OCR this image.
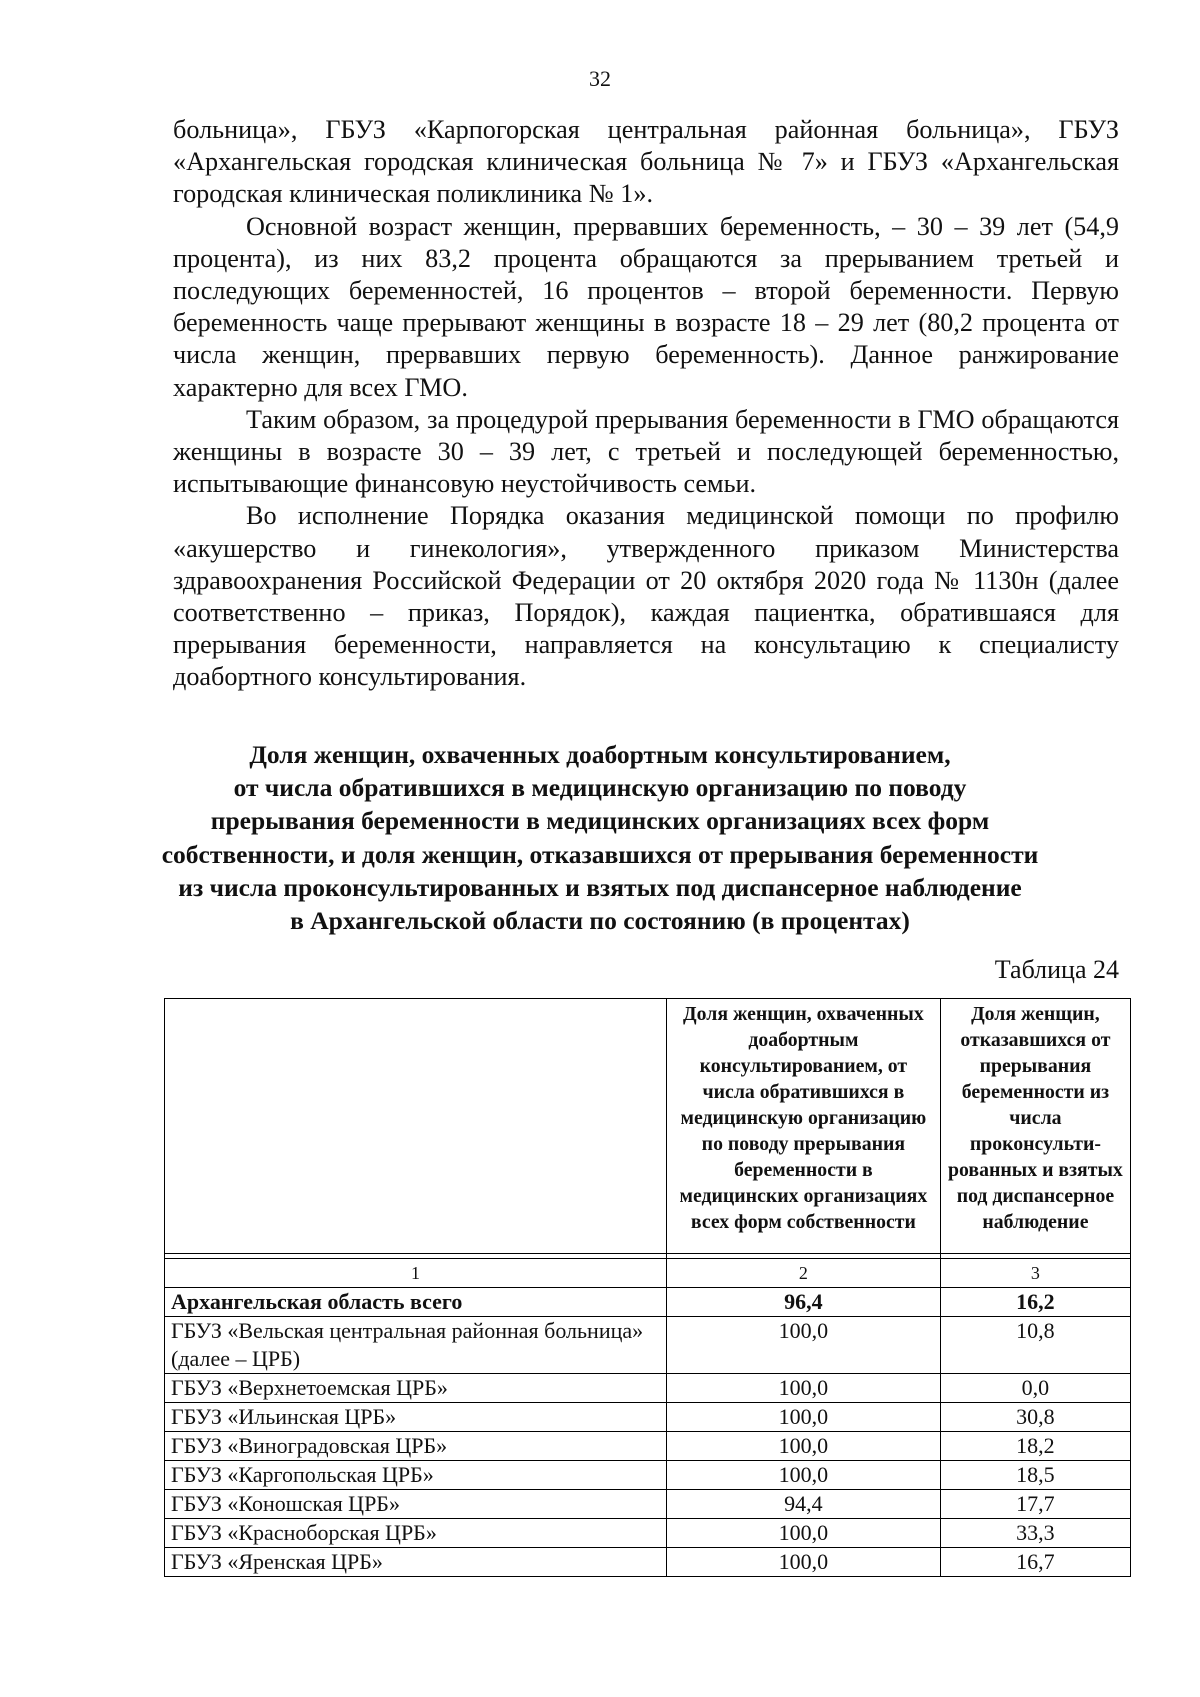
32

больница», ГБУЗ «Карпогорская центральная районная больница», ГБУЗ «Архангельская городская клиническая больница № 7» и ГБУЗ «Архангельская городская клиническая поликлиника № 1».

Основной возраст женщин, прервавших беременность, – 30 – 39 лет (54,9 процента), из них 83,2 процента обращаются за прерыванием третьей и последующих беременностей, 16 процентов – второй беременности. Первую беременность чаще прерывают женщины в возрасте 18 – 29 лет (80,2 процента от числа женщин, прервавших первую беременность). Данное ранжирование характерно для всех ГМО.

Таким образом, за процедурой прерывания беременности в ГМО обращаются женщины в возрасте 30 – 39 лет, с третьей и последующей беременностью, испытывающие финансовую неустойчивость семьи.

Во исполнение Порядка оказания медицинской помощи по профилю «акушерство и гинекология», утвержденного приказом Министерства здравоохранения Российской Федерации от 20 октября 2020 года № 1130н (далее соответственно – приказ, Порядок), каждая пациентка, обратившаяся для прерывания беременности, направляется на консультацию к специалисту доабортного консультирования.

Доля женщин, охваченных доабортным консультированием,
от числа обратившихся в медицинскую организацию по поводу
прерывания беременности в медицинских организациях всех форм
собственности, и доля женщин, отказавшихся от прерывания беременности
из числа проконсультированных и взятых под диспансерное наблюдение
в Архангельской области по состоянию (в процентах)
Таблица 24
	Доля женщин, охваченных доабортным консультированием, от числа обратившихся в медицинскую организацию по поводу прерывания беременности в медицинских организациях всех форм собственности	Доля женщин, отказавшихся от прерывания беременности из числа проконсульти-рованных и взятых под диспансерное наблюдение

1	2	3
Архангельская область всего	96,4	16,2
ГБУЗ «Вельская центральная районная больница» (далее – ЦРБ)	100,0	10,8
ГБУЗ «Верхнетоемская ЦРБ»	100,0	0,0
ГБУЗ «Ильинская ЦРБ»	100,0	30,8
ГБУЗ «Виноградовская ЦРБ»	100,0	18,2
ГБУЗ «Каргопольская ЦРБ»	100,0	18,5
ГБУЗ «Коношская ЦРБ»	94,4	17,7
ГБУЗ «Красноборская ЦРБ»	100,0	33,3
ГБУЗ «Яренская ЦРБ»	100,0	16,7
